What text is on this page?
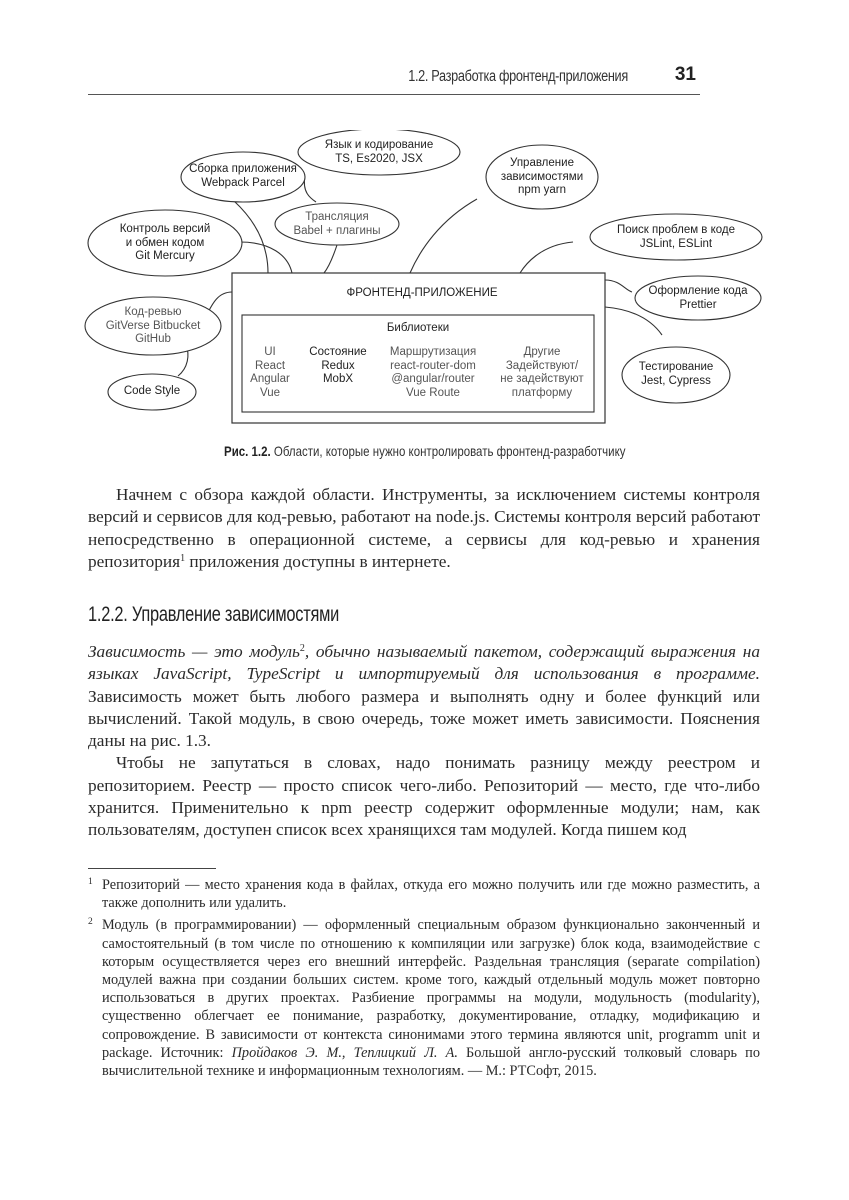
1.2. Разработка фронтенд-приложения 31
Сборка приложения
Webpack Parcel
Язык и кодирование
TS, Es2020, JSX
Трансляция
Babel + плагины
Управление
зависимостями
npm yarn
Контроль версий
и обмен кодом
Git Mercury
Поиск проблем в коде
JSLint, ESLint
Код-ревью
GitVerse Bitbucket
GitHub
Оформление кода
Prettier
Code Style
Тестирование
Jest, Cypress
ФРОНТЕНД-ПРИЛОЖЕНИЕ
Библиотеки
UI
React
Angular
Vue
Состояние
Redux
MobX
Маршрутизация
react-router-dom
@angular/router
Vue Route
Другие
Задействуют/
не задействуют
платформу
Рис. 1.2. Области, которые нужно контролировать фронтенд-разработчику

Начнем с обзора каждой области. Инструменты, за исключением системы контроля версий и сервисов для код-ревью, работают на node.js. Системы контроля версий работают непосредственно в операционной системе, а сервисы для код-ревью и хранения репозитория$^1$ приложения доступны в интернете.

1.2.2. Управление зависимостями

Зависимость — это модуль$^2$, обычно называемый пакетом, содержащий выражения на языках JavaScript, TypeScript и импортируемый для использования в программе. Зависимость может быть любого размера и выполнять одну и более функций или вычислений. Такой модуль, в свою очередь, тоже может иметь зависимости. Пояснения даны на рис. 1.3.

Чтобы не запутаться в словах, надо понимать разницу между реестром и репозиторием. Реестр — просто список чего-либо. Репозиторий — место, где что-либо хранится. Применительно к npm реестр содержит оформленные модули; нам, как пользователям, доступен список всех хранящихся там модулей. Когда пишем код

1 Репозиторий — место хранения кода в файлах, откуда его можно получить или где можно разместить, а также дополнить или удалить.
2 Модуль (в программировании) — оформленный специальным образом функционально законченный и самостоятельный (в том числе по отношению к компиляции или загрузке) блок кода, взаимодействие с которым осуществляется через его внешний интерфейс. Раздельная трансляция (separate compilation) модулей важна при создании больших систем. кроме того, каждый отдельный модуль может повторно использоваться в других проектах. Разбиение программы на модули, модульность (modularity), существенно облегчает ее понимание, разработку, документирование, отладку, модификацию и сопровождение. В зависимости от контекста синонимами этого термина являются unit, programm unit и package. Источник: Пройдаков Э. М., Теплицкий Л. А. Большой англо-русский толковый словарь по вычислительной технике и информационным технологиям. — М.: РТСофт, 2015.
